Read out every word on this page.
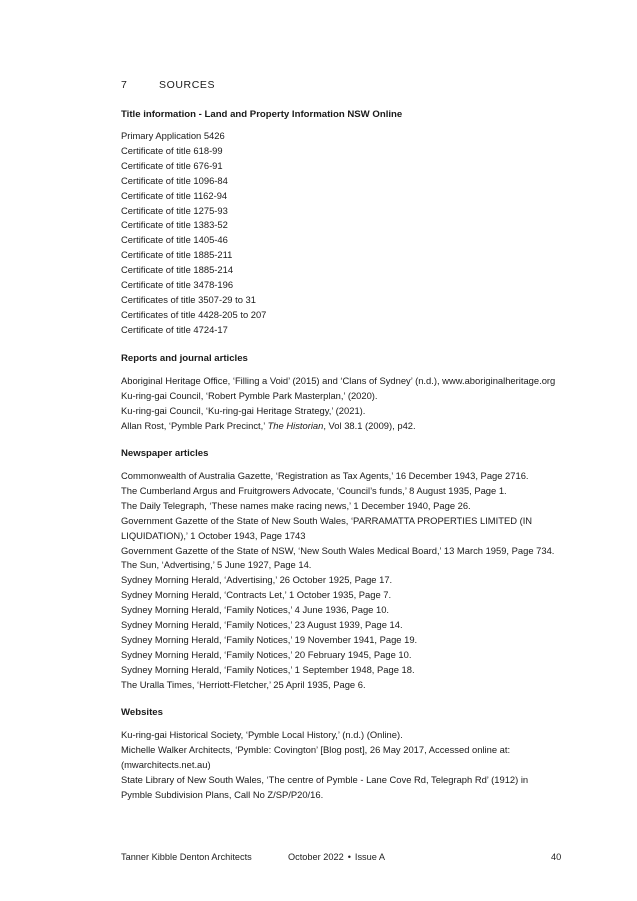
7	SOURCES

Title information - Land and Property Information NSW Online

Primary Application 5426
Certificate of title 618-99
Certificate of title 676-91
Certificate of title 1096-84
Certificate of title 1162-94
Certificate of title 1275-93
Certificate of title 1383-52
Certificate of title 1405-46
Certificate of title 1885-211
Certificate of title 1885-214
Certificate of title 3478-196
Certificates of title 3507-29 to 31
Certificates of title 4428-205 to 207
Certificate of title 4724-17

Reports and journal articles

Aboriginal Heritage Office, ‘Filling a Void’ (2015) and ‘Clans of Sydney’ (n.d.), www.aboriginalheritage.org
Ku-ring-gai Council, ‘Robert Pymble Park Masterplan,’ (2020).
Ku-ring-gai Council, ‘Ku-ring-gai Heritage Strategy,’ (2021).
Allan Rost, ‘Pymble Park Precinct,’ The Historian, Vol 38.1 (2009), p42.

Newspaper articles

Commonwealth of Australia Gazette, ‘Registration as Tax Agents,’ 16 December 1943, Page 2716.
The Cumberland Argus and Fruitgrowers Advocate, ‘Council’s funds,’ 8 August 1935, Page 1.
The Daily Telegraph, ‘These names make racing news,’ 1 December 1940, Page 26.
Government Gazette of the State of New South Wales, ‘PARRAMATTA PROPERTIES LIMITED (IN LIQUIDATION),’ 1 October 1943, Page 1743
Government Gazette of the State of NSW, ‘New South Wales Medical Board,’ 13 March 1959, Page 734.
The Sun, ‘Advertising,’ 5 June 1927, Page 14.
Sydney Morning Herald, ‘Advertising,’ 26 October 1925, Page 17.
Sydney Morning Herald, ‘Contracts Let,’ 1 October 1935, Page 7.
Sydney Morning Herald, ‘Family Notices,’ 4 June 1936, Page 10.
Sydney Morning Herald, ‘Family Notices,’ 23 August 1939, Page 14.
Sydney Morning Herald, ‘Family Notices,’ 19 November 1941, Page 19.
Sydney Morning Herald, ‘Family Notices,’ 20 February 1945, Page 10.
Sydney Morning Herald, ‘Family Notices,’ 1 September 1948, Page 18.
The Uralla Times, ‘Herriott-Fletcher,’ 25 April 1935, Page 6.

Websites

Ku-ring-gai Historical Society, ‘Pymble Local History,’ (n.d.) (Online).
Michelle Walker Architects, ‘Pymble: Covington’ [Blog post], 26 May 2017, Accessed online at: (mwarchitects.net.au)
State Library of New South Wales, ‘The centre of Pymble - Lane Cove Rd, Telegraph Rd’ (1912) in Pymble Subdivision Plans, Call No Z/SP/P20/16.
Tanner Kibble Denton Architects	October 2022 • Issue A	40
